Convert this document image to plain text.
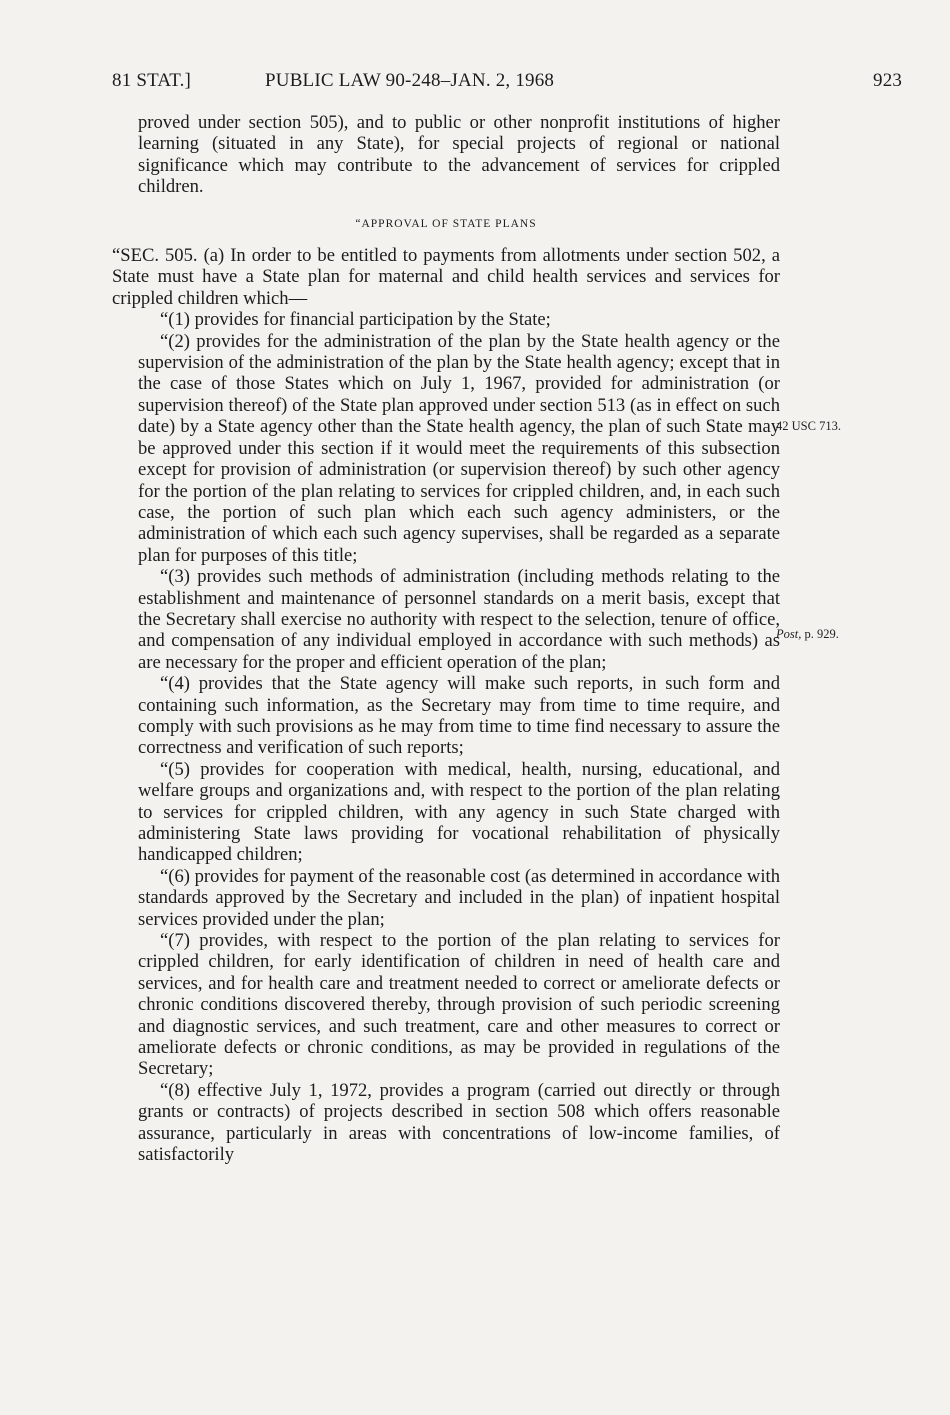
81 STAT.]	PUBLIC LAW 90-248–JAN. 2, 1968	923

proved under section 505), and to public or other nonprofit institutions of higher learning (situated in any State), for special projects of regional or national significance which may contribute to the advancement of services for crippled children.

“APPROVAL OF STATE PLANS

“SEC. 505. (a) In order to be entitled to payments from allotments under section 502, a State must have a State plan for maternal and child health services and services for crippled children which—

“(1) provides for financial participation by the State;

“(2) provides for the administration of the plan by the State health agency or the supervision of the administration of the plan by the State health agency; except that in the case of those States which on July 1, 1967, provided for administration (or supervision thereof) of the State plan approved under section 513 (as in effect on such date) by a State agency other than the State health agency, the plan of such State may be approved under this section if it would meet the requirements of this subsection except for provision of administration (or supervision thereof) by such other agency for the portion of the plan relating to services for crippled children, and, in each such case, the portion of such plan which each such agency administers, or the administration of which each such agency supervises, shall be regarded as a separate plan for purposes of this title;

“(3) provides such methods of administration (including methods relating to the establishment and maintenance of personnel standards on a merit basis, except that the Secretary shall exercise no authority with respect to the selection, tenure of office, and compensation of any individual employed in accordance with such methods) as are necessary for the proper and efficient operation of the plan;

“(4) provides that the State agency will make such reports, in such form and containing such information, as the Secretary may from time to time require, and comply with such provisions as he may from time to time find necessary to assure the correctness and verification of such reports;

“(5) provides for cooperation with medical, health, nursing, educational, and welfare groups and organizations and, with respect to the portion of the plan relating to services for crippled children, with any agency in such State charged with administering State laws providing for vocational rehabilitation of physically handicapped children;

“(6) provides for payment of the reasonable cost (as determined in accordance with standards approved by the Secretary and included in the plan) of inpatient hospital services provided under the plan;

“(7) provides, with respect to the portion of the plan relating to services for crippled children, for early identification of children in need of health care and services, and for health care and treatment needed to correct or ameliorate defects or chronic conditions discovered thereby, through provision of such periodic screening and diagnostic services, and such treatment, care and other measures to correct or ameliorate defects or chronic conditions, as may be provided in regulations of the Secretary;

“(8) effective July 1, 1972, provides a program (carried out directly or through grants or contracts) of projects described in section 508 which offers reasonable assurance, particularly in areas with concentrations of low-income families, of satisfactorily

42 USC 713.
Post, p. 929.
